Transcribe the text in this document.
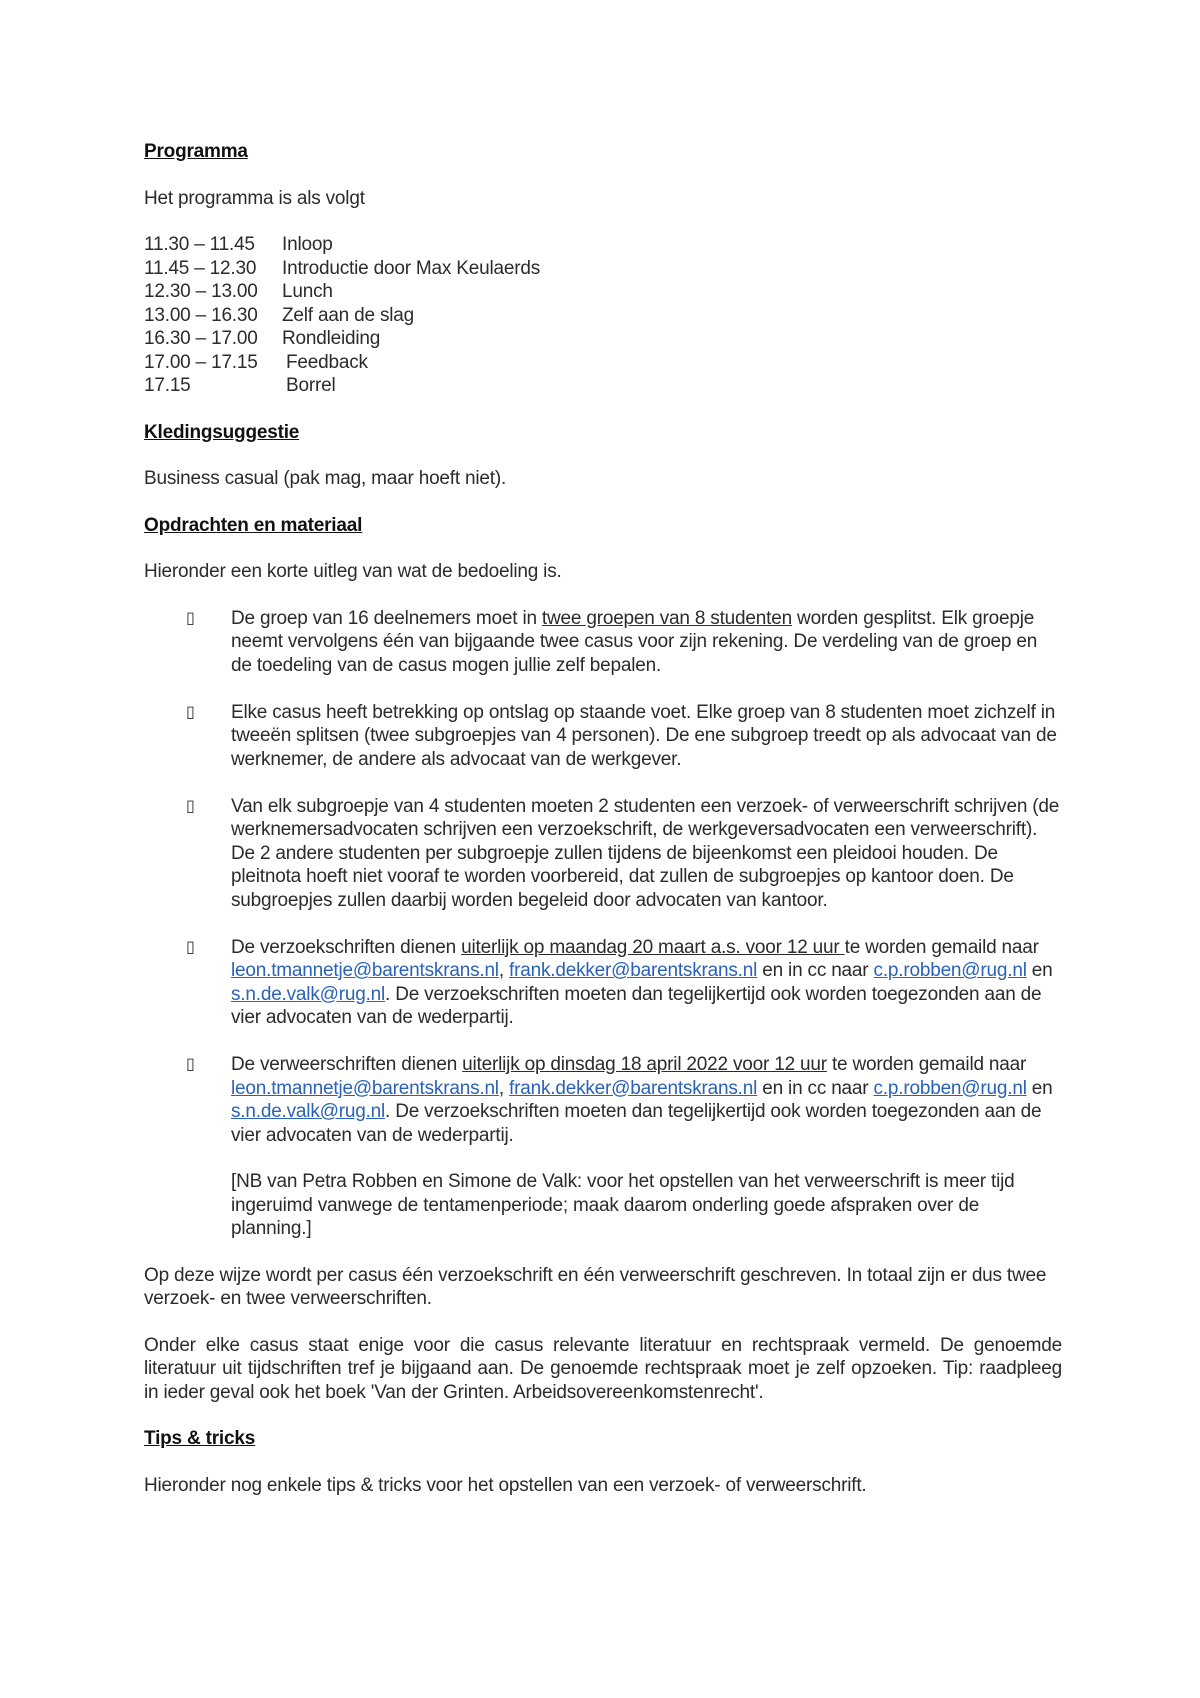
Programma

Het programma is als volgt

11.30 – 11.45	Inloop
11.45 – 12.30	Introductie door Max Keulaerds
12.30 – 13.00	Lunch
13.00 – 16.30	Zelf aan de slag
16.30 – 17.00	Rondleiding
17.00 – 17.15	Feedback
17.15	Borrel

Kledingsuggestie

Business casual (pak mag, maar hoeft niet).

Opdrachten en materiaal

Hieronder een korte uitleg van wat de bedoeling is.

▯ De groep van 16 deelnemers moet in twee groepen van 8 studenten worden gesplitst. Elk groepje neemt vervolgens één van bijgaande twee casus voor zijn rekening. De verdeling van de groep en de toedeling van de casus mogen jullie zelf bepalen.
▯ Elke casus heeft betrekking op ontslag op staande voet. Elke groep van 8 studenten moet zichzelf in tweeën splitsen (twee subgroepjes van 4 personen). De ene subgroep treedt op als advocaat van de werknemer, de andere als advocaat van de werkgever.
▯ Van elk subgroepje van 4 studenten moeten 2 studenten een verzoek- of verweerschrift schrijven (de werknemersadvocaten schrijven een verzoekschrift, de werkgeversadvocaten een verweerschrift). De 2 andere studenten per subgroepje zullen tijdens de bijeenkomst een pleidooi houden. De pleitnota hoeft niet vooraf te worden voorbereid, dat zullen de subgroepjes op kantoor doen. De subgroepjes zullen daarbij worden begeleid door advocaten van kantoor.
▯ De verzoekschriften dienen uiterlijk op maandag 20 maart a.s. voor 12 uur te worden gemaild naar leon.tmannetje@barentskrans.nl, frank.dekker@barentskrans.nl en in cc naar c.p.robben@rug.nl en s.n.de.valk@rug.nl. De verzoekschriften moeten dan tegelijkertijd ook worden toegezonden aan de vier advocaten van de wederpartij.
▯ De verweerschriften dienen uiterlijk op dinsdag 18 april 2022 voor 12 uur te worden gemaild naar leon.tmannetje@barentskrans.nl, frank.dekker@barentskrans.nl en in cc naar c.p.robben@rug.nl en s.n.de.valk@rug.nl. De verzoekschriften moeten dan tegelijkertijd ook worden toegezonden aan de vier advocaten van de wederpartij.

[NB van Petra Robben en Simone de Valk: voor het opstellen van het verweerschrift is meer tijd ingeruimd vanwege de tentamenperiode; maak daarom onderling goede afspraken over de planning.]

Op deze wijze wordt per casus één verzoekschrift en één verweerschrift geschreven. In totaal zijn er dus twee verzoek- en twee verweerschriften.

Onder elke casus staat enige voor die casus relevante literatuur en rechtspraak vermeld. De genoemde literatuur uit tijdschriften tref je bijgaand aan. De genoemde rechtspraak moet je zelf opzoeken. Tip: raadpleeg in ieder geval ook het boek 'Van der Grinten. Arbeidsovereenkomstenrecht'.

Tips & tricks

Hieronder nog enkele tips & tricks voor het opstellen van een verzoek- of verweerschrift.
